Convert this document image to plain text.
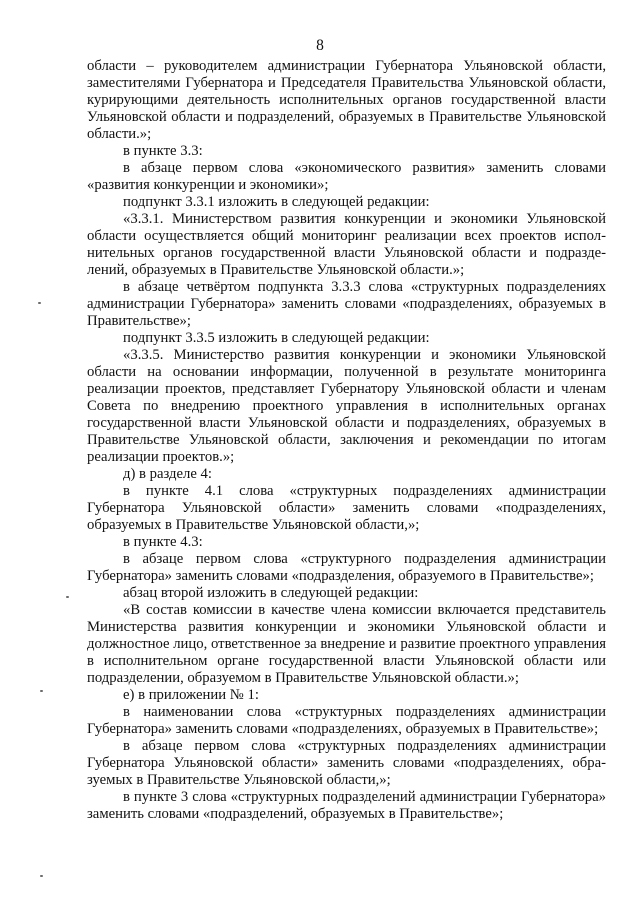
8

области – руководителем администрации Губернатора Ульяновской области, заместителями Губернатора и Председателя Правительства Ульяновской области, курирующими деятельность исполнительных органов государственной власти Ульяновской области и подразделений, образуемых в Правительстве Ульяновской области.»;

в пункте 3.3:

в абзаце первом слова «экономического развития» заменить словами «развития конкуренции и экономики»;

подпункт 3.3.1 изложить в следующей редакции:

«3.3.1. Министерством развития конкуренции и экономики Ульяновской области осуществляется общий мониторинг реализации всех проектов исполнительных органов государственной власти Ульяновской области и подразделений, образуемых в Правительстве Ульяновской области.»;

в абзаце четвёртом подпункта 3.3.3 слова «структурных подразделениях администрации Губернатора» заменить словами «подразделениях, образуемых в Правительстве»;

подпункт 3.3.5 изложить в следующей редакции:

«3.3.5. Министерство развития конкуренции и экономики Ульяновской области на основании информации, полученной в результате мониторинга реализации проектов, представляет Губернатору Ульяновской области и членам Совета по внедрению проектного управления в исполнительных органах государственной власти Ульяновской области и подразделениях, образуемых в Правительстве Ульяновской области, заключения и рекомендации по итогам реализации проектов.»;

д) в разделе 4:

в пункте 4.1 слова «структурных подразделениях администрации Губернатора Ульяновской области» заменить словами «подразделениях, образуемых в Правительстве Ульяновской области,»;

в пункте 4.3:

в абзаце первом слова «структурного подразделения администрации Губернатора» заменить словами «подразделения, образуемого в Правительстве»;

абзац второй изложить в следующей редакции:

«В состав комиссии в качестве члена комиссии включается представитель Министерства развития конкуренции и экономики Ульяновской области и должностное лицо, ответственное за внедрение и развитие проектного управления в исполнительном органе государственной власти Ульяновской области или подразделении, образуемом в Правительстве Ульяновской области.»;

е) в приложении № 1:

в наименовании слова «структурных подразделениях администрации Губернатора» заменить словами «подразделениях, образуемых в Правительстве»;

в абзаце первом слова «структурных подразделениях администрации Губернатора Ульяновской области» заменить словами «подразделениях, образуемых в Правительстве Ульяновской области,»;

в пункте 3 слова «структурных подразделений администрации Губернатора» заменить словами «подразделений, образуемых в Правительстве»;
